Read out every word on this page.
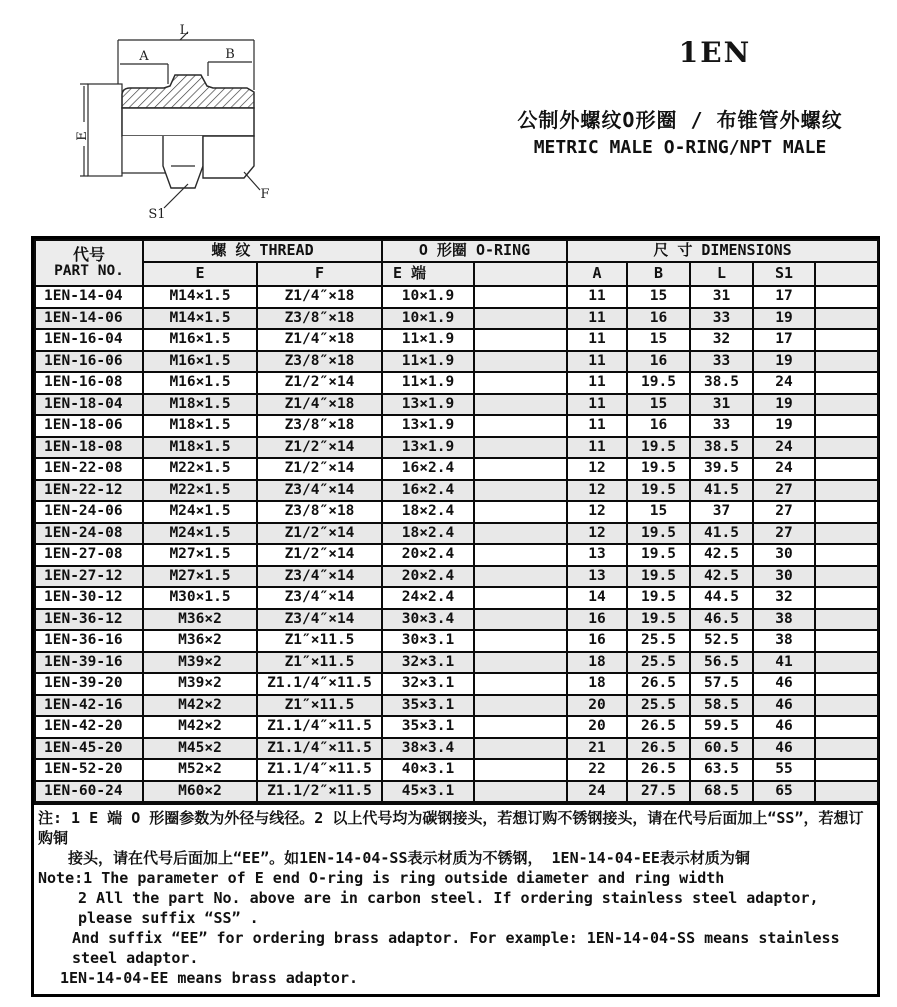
L
A	B
E
S1
F
1EN
公制外螺纹O形圈 / 布锥管外螺纹
METRIC MALE O-RING/NPT MALE
代号
PART NO.	螺 纹 THREAD		O 形圈 O-RING		尺 寸 DIMENSIONS				
	E	F	E 端		A	B	L	S1	
1EN-14-04	M14×1.5	Z1/4″×18	10×1.9		11	15	31	17	
1EN-14-06	M14×1.5	Z3/8″×18	10×1.9		11	16	33	19	
1EN-16-04	M16×1.5	Z1/4″×18	11×1.9		11	15	32	17	
1EN-16-06	M16×1.5	Z3/8″×18	11×1.9		11	16	33	19	
1EN-16-08	M16×1.5	Z1/2″×14	11×1.9		11	19.5	38.5	24	
1EN-18-04	M18×1.5	Z1/4″×18	13×1.9		11	15	31	19	
1EN-18-06	M18×1.5	Z3/8″×18	13×1.9		11	16	33	19	
1EN-18-08	M18×1.5	Z1/2″×14	13×1.9		11	19.5	38.5	24	
1EN-22-08	M22×1.5	Z1/2″×14	16×2.4		12	19.5	39.5	24	
1EN-22-12	M22×1.5	Z3/4″×14	16×2.4		12	19.5	41.5	27	
1EN-24-06	M24×1.5	Z3/8″×18	18×2.4		12	15	37	27	
1EN-24-08	M24×1.5	Z1/2″×14	18×2.4		12	19.5	41.5	27	
1EN-27-08	M27×1.5	Z1/2″×14	20×2.4		13	19.5	42.5	30	
1EN-27-12	M27×1.5	Z3/4″×14	20×2.4		13	19.5	42.5	30	
1EN-30-12	M30×1.5	Z3/4″×14	24×2.4		14	19.5	44.5	32	
1EN-36-12	M36×2	Z3/4″×14	30×3.4		16	19.5	46.5	38	
1EN-36-16	M36×2	Z1″×11.5	30×3.1		16	25.5	52.5	38	
1EN-39-16	M39×2	Z1″×11.5	32×3.1		18	25.5	56.5	41	
1EN-39-20	M39×2	Z1.1/4″×11.5	32×3.1		18	26.5	57.5	46	
1EN-42-16	M42×2	Z1″×11.5	35×3.1		20	25.5	58.5	46	
1EN-42-20	M42×2	Z1.1/4″×11.5	35×3.1		20	26.5	59.5	46	
1EN-45-20	M45×2	Z1.1/4″×11.5	38×3.4		21	26.5	60.5	46	
1EN-52-20	M52×2	Z1.1/4″×11.5	40×3.1		22	26.5	63.5	55	
1EN-60-24	M60×2	Z1.1/2″×11.5	45×3.1		24	27.5	68.5	65	
注: 1 E 端 O 形圈参数为外径与线径。2 以上代号均为碳钢接头，若想订购不锈钢接头，请在代号后面加上“SS”，若想订购铜
接头，请在代号后面加上“EE”。如1EN-14-04-SS表示材质为不锈钢， 1EN-14-04-EE表示材质为铜
Note:1 The parameter of E end O-ring is ring outside diameter and ring width
2 All the part No. above are in carbon steel. If ordering stainless steel adaptor, please suffix “SS” .
And suffix “EE” for ordering brass adaptor. For example: 1EN-14-04-SS means stainless steel adaptor.
1EN-14-04-EE means brass adaptor.
